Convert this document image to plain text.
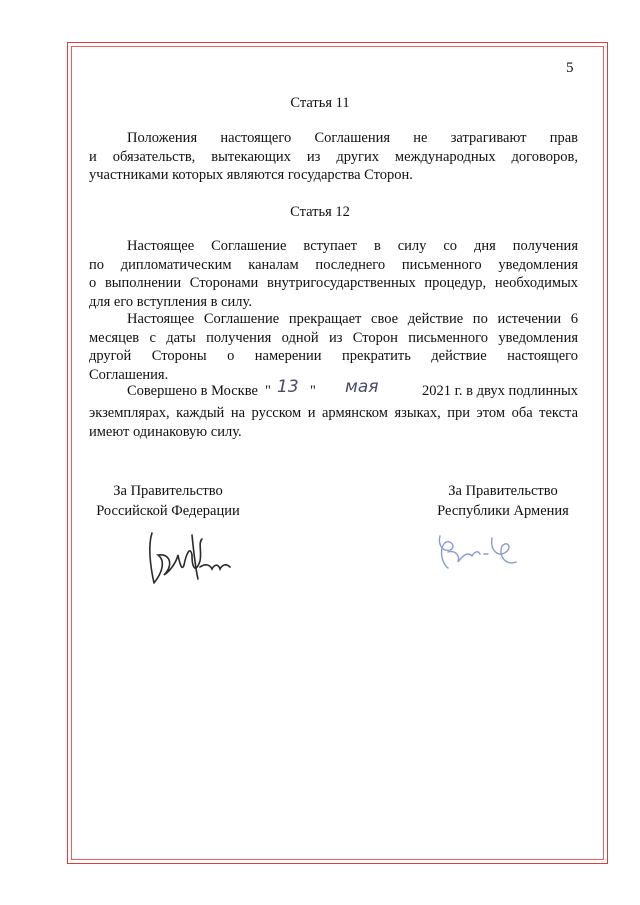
5
Статья 11
Положения настоящего Соглашения не затрагивают прав
и обязательств, вытекающих из других международных договоров,
участниками которых являются государства Сторон.
Статья 12
Настоящее Соглашение вступает в силу со дня получения
по дипломатическим каналам последнего письменного уведомления
о выполнении Сторонами внутригосударственных процедур, необходимых
для его вступления в силу.
Настоящее Соглашение прекращает свое действие по истечении 6
месяцев с даты получения одной из Сторон письменного уведомления
другой Стороны о намерении прекратить действие настоящего
Соглашения.
Совершено в Москве " 13 " мая	2021 г. в двух подлинных
экземплярах, каждый на русском и армянском языках, при этом оба текста
имеют одинаковую силу.
За Правительство
Российской Федерации
За Правительство
Республики Армения
